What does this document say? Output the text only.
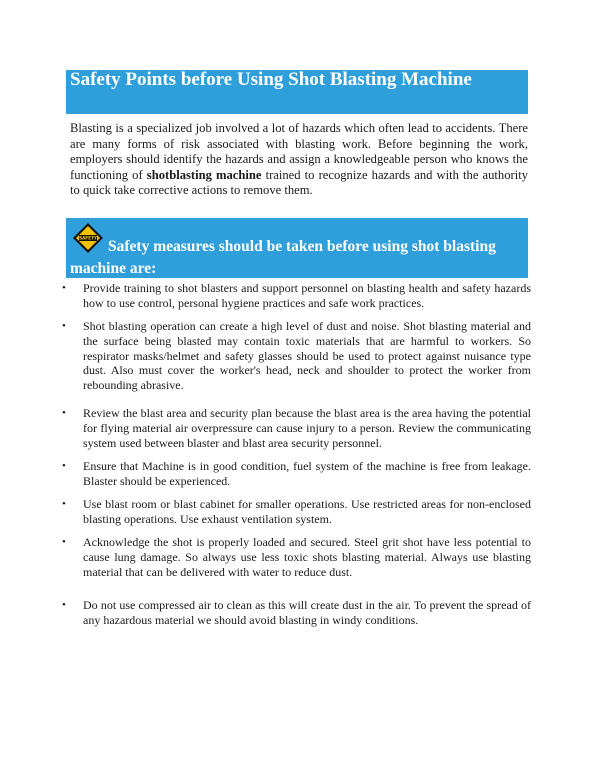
Safety Points before Using Shot Blasting Machine

Blasting is a specialized job involved a lot of hazards which often lead to accidents. There are many forms of risk associated with blasting work. Before beginning the work, employers should identify the hazards and assign a knowledgeable person who knows the functioning of shotblasting machine trained to recognize hazards and with the authority to quick take corrective actions to remove them.

SAFETY Safety measures should be taken before using shot blasting machine are:
•	Provide training to shot blasters and support personnel on blasting health and safety hazards how to use control, personal hygiene practices and safe work practices.
•	Shot blasting operation can create a high level of dust and noise. Shot blasting material and the surface being blasted may contain toxic materials that are harmful to workers. So respirator masks/helmet and safety glasses should be used to protect against nuisance type dust. Also must cover the worker's head, neck and shoulder to protect the worker from rebounding abrasive.
•	Review the blast area and security plan because the blast area is the area having the potential for flying material air overpressure can cause injury to a person. Review the communicating system used between blaster and blast area security personnel.
•	Ensure that Machine is in good condition, fuel system of the machine is free from leakage. Blaster should be experienced.
•	Use blast room or blast cabinet for smaller operations. Use restricted areas for non-enclosed blasting operations. Use exhaust ventilation system.
•	Acknowledge the shot is properly loaded and secured. Steel grit shot have less potential to cause lung damage. So always use less toxic shots blasting material. Always use blasting material that can be delivered with water to reduce dust.
•	Do not use compressed air to clean as this will create dust in the air. To prevent the spread of any hazardous material we should avoid blasting in windy conditions.
